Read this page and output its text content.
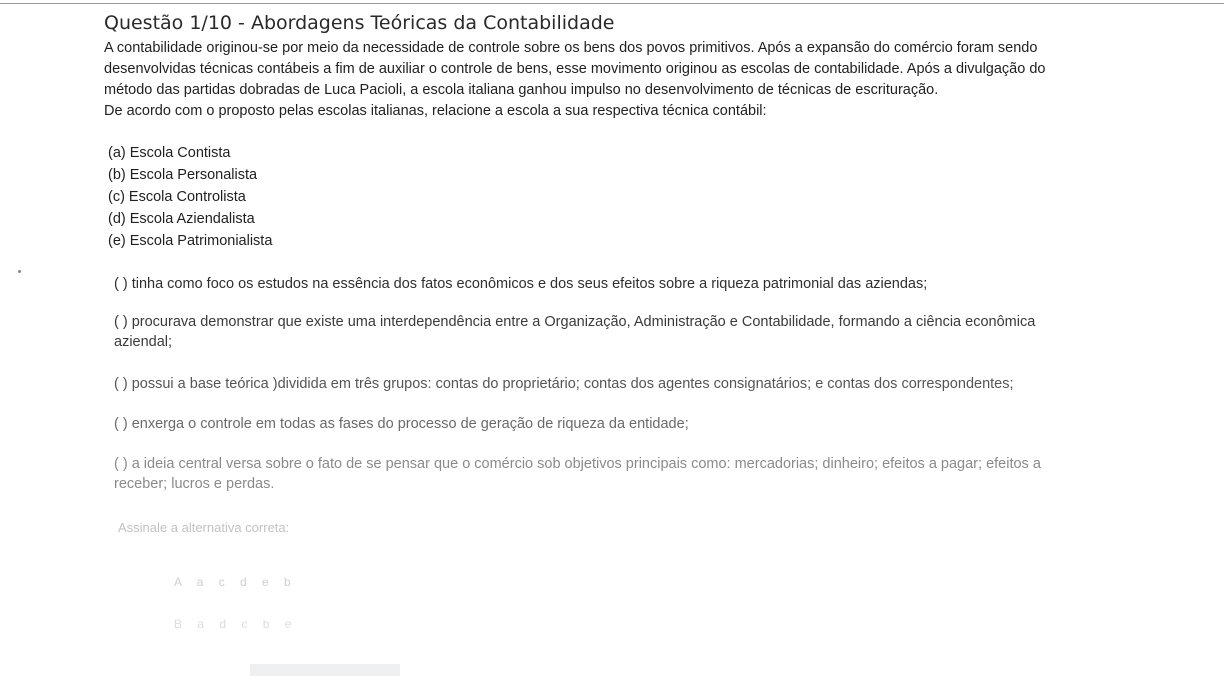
Questão 1/10 - Abordagens Teóricas da Contabilidade

A contabilidade originou-se por meio da necessidade de controle sobre os bens dos povos primitivos. Após a expansão do comércio foram sendo

desenvolvidas técnicas contábeis a fim de auxiliar o controle de bens, esse movimento originou as escolas de contabilidade. Após a divulgação do

método das partidas dobradas de Luca Pacioli, a escola italiana ganhou impulso no desenvolvimento de técnicas de escrituração.

De acordo com o proposto pelas escolas italianas, relacione a escola a sua respectiva técnica contábil:

(a) Escola Contista
(b) Escola Personalista
(c) Escola Controlista
(d) Escola Aziendalista
(e) Escola Patrimonialista
( ) tinha como foco os estudos na essência dos fatos econômicos e dos seus efeitos sobre a riqueza patrimonial das aziendas;
( ) procurava demonstrar que existe uma interdependência entre a Organização, Administração e Contabilidade, formando a ciência econômica
aziendal;
( ) possui a base teórica )dividida em três grupos: contas do proprietário; contas dos agentes consignatários; e contas dos correspondentes;
( ) enxerga o controle em todas as fases do processo de geração de riqueza da entidade;
( ) a ideia central versa sobre o fato de se pensar que o comércio sob objetivos principais como: mercadorias; dinheiro; efeitos a pagar; efeitos a
receber; lucros e perdas.
Assinale a alternativa correta:
A a c d e b
B a d c b e
